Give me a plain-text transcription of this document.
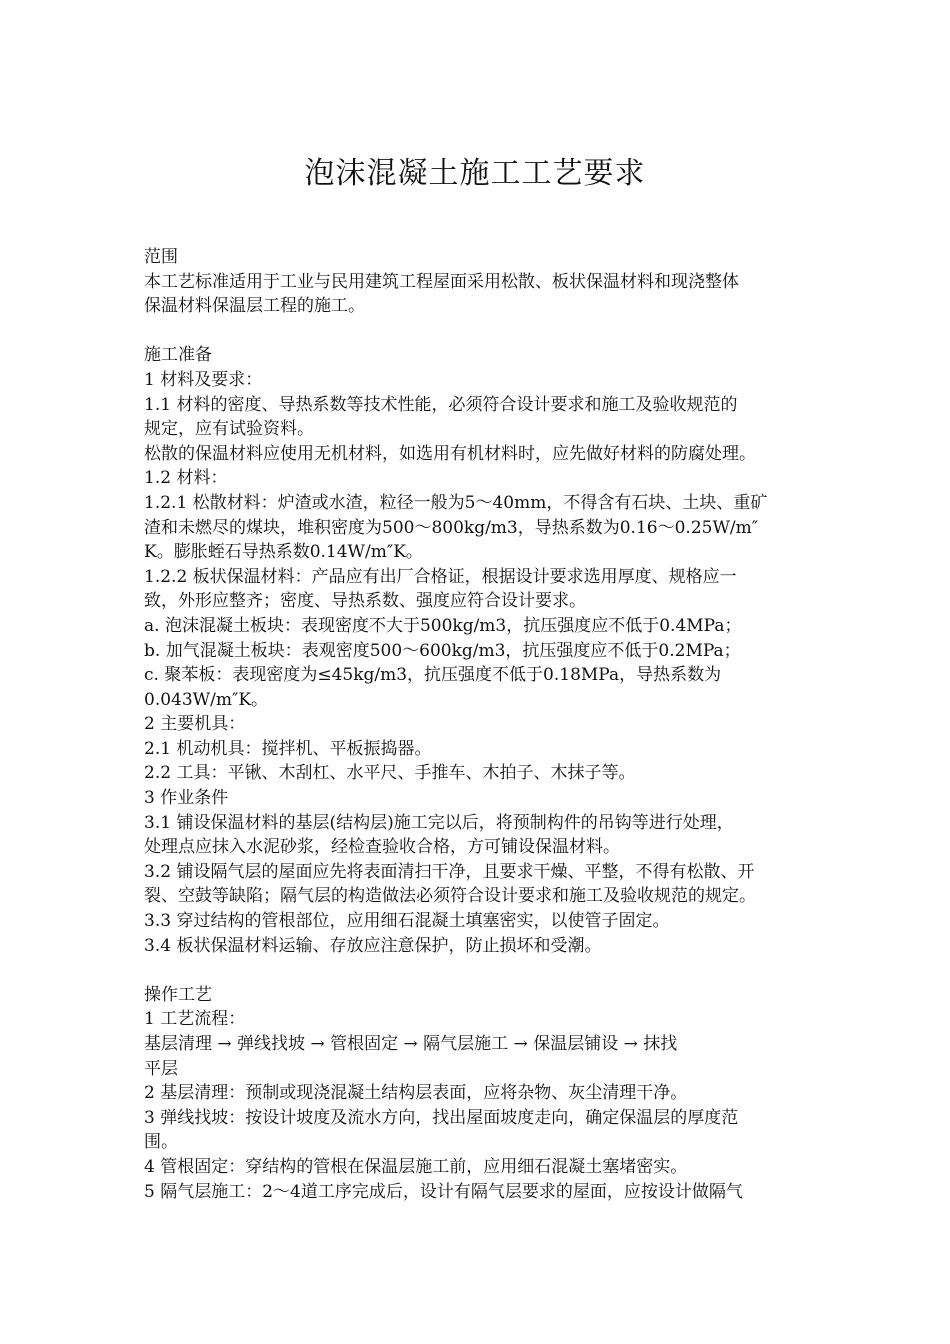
泡沫混凝土施工工艺要求
范围
本工艺标准适用于工业与民用建筑工程屋面采用松散、板状保温材料和现浇整体
保温材料保温层工程的施工。
施工准备
1 材料及要求：
1.1 材料的密度、导热系数等技术性能，必须符合设计要求和施工及验收规范的
规定，应有试验资料。
松散的保温材料应使用无机材料，如选用有机材料时，应先做好材料的防腐处理。
1.2 材料：
1.2.1 松散材料：炉渣或水渣，粒径一般为5～40mm，不得含有石块、土块、重矿
渣和未燃尽的煤块，堆积密度为500～800kg/m3，导热系数为0.16～0.25W/m″
K。膨胀蛭石导热系数0.14W/m″K。
1.2.2 板状保温材料：产品应有出厂合格证，根据设计要求选用厚度、规格应一
致，外形应整齐；密度、导热系数、强度应符合设计要求。
a. 泡沫混凝土板块：表现密度不大于500kg/m3，抗压强度应不低于0.4MPa；
b. 加气混凝土板块：表观密度500～600kg/m3，抗压强度应不低于0.2MPa；
c. 聚苯板：表现密度为≤45kg/m3，抗压强度不低于0.18MPa，导热系数为
0.043W/m″K。
2 主要机具：
2.1 机动机具：搅拌机、平板振捣器。
2.2 工具：平锹、木刮杠、水平尺、手推车、木拍子、木抹子等。
3 作业条件
3.1 铺设保温材料的基层(结构层)施工完以后，将预制构件的吊钩等进行处理，
处理点应抹入水泥砂浆，经检查验收合格，方可铺设保温材料。
3.2 铺设隔气层的屋面应先将表面清扫干净，且要求干燥、平整，不得有松散、开
裂、空鼓等缺陷；隔气层的构造做法必须符合设计要求和施工及验收规范的规定。
3.3 穿过结构的管根部位，应用细石混凝土填塞密实，以使管子固定。
3.4 板状保温材料运输、存放应注意保护，防止损坏和受潮。
操作工艺
1 工艺流程：
基层清理 → 弹线找坡 → 管根固定 → 隔气层施工 → 保温层铺设 → 抹找
平层
2 基层清理：预制或现浇混凝土结构层表面，应将杂物、灰尘清理干净。
3 弹线找坡：按设计坡度及流水方向，找出屋面坡度走向，确定保温层的厚度范
围。
4 管根固定：穿结构的管根在保温层施工前，应用细石混凝土塞堵密实。
5 隔气层施工：2～4道工序完成后，设计有隔气层要求的屋面，应按设计做隔气
